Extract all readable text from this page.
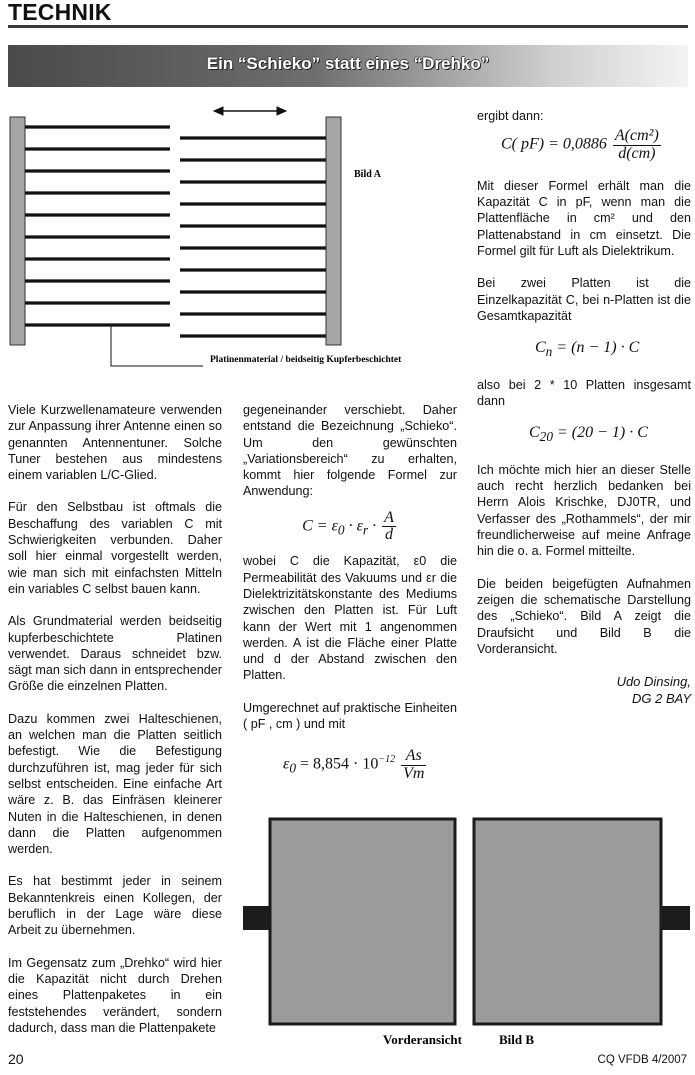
TECHNIK
Ein “Schieko” statt eines “Drehko”
Bild A
Platinenmaterial / beidseitig Kupferbeschichtet

Viele Kurzwellenamateure verwenden zur Anpassung ihrer Antenne einen so genannten Antennentuner. Solche Tuner bestehen aus mindestens einem variablen L/C-Glied.

Für den Selbstbau ist oftmals die Beschaffung des variablen C mit Schwierigkeiten verbunden. Daher soll hier einmal vorgestellt werden, wie man sich mit einfachsten Mitteln ein variables C selbst bauen kann.

Als Grundmaterial werden beidseitig kupferbeschichtete Platinen verwendet. Daraus schneidet bzw. sägt man sich dann in entsprechender Größe die einzelnen Platten.

Dazu kommen zwei Halteschienen, an welchen man die Platten seitlich befestigt. Wie die Befestigung durchzuführen ist, mag jeder für sich selbst entscheiden. Eine einfache Art wäre z. B. das Einfräsen kleinerer Nuten in die Halteschienen, in denen dann die Platten aufgenommen werden.

Es hat bestimmt jeder in seinem Bekanntenkreis einen Kollegen, der beruflich in der Lage wäre diese Arbeit zu übernehmen.

Im Gegensatz zum „Drehko“ wird hier die Kapazität nicht durch Drehen eines Plattenpaketes in ein feststehendes verändert, sondern dadurch, dass man die Plattenpakete

gegeneinander verschiebt. Daher entstand die Bezeichnung „Schieko“. Um den gewünschten „Variationsbereich“ zu erhalten, kommt hier folgende Formel zur Anwendung:

$C = \varepsilon_0 \cdot \varepsilon_r \cdot \frac{A}{d}$

wobei C die Kapazität, ε0 die Permeabilität des Vakuums und εr die Dielektrizitätskonstante des Mediums zwischen den Platten ist. Für Luft kann der Wert mit 1 angenommen werden. A ist die Fläche einer Platte und d der Abstand zwischen den Platten.

Umgerechnet auf praktische Einheiten ( pF , cm ) und mit

$\varepsilon_0 = 8,854 \cdot 10^{-12} \frac{As}{Vm}$

ergibt dann:

C( $pF) = 0,0886 \frac{\text{A(cm²)}}{d(cm)}$

Mit dieser Formel erhält man die Kapazität C in pF, wenn man die Plattenfläche in cm² und den Plattenabstand in cm einsetzt. Die Formel gilt für Luft als Dielektrikum.

Bei zwei Platten ist die Einzelkapazität C, bei n-Platten ist die Gesamtkapazität

$C_n = (n - 1) \cdot C$

also bei 2 * 10 Platten insgesamt dann

$C_{20} = (20 - 1) \cdot C$

Ich möchte mich hier an dieser Stelle auch recht herzlich bedanken bei Herrn Alois Krischke, DJ0TR, und Verfasser des „Rothammels“, der mir freundlicherweise auf meine Anfrage hin die o. a. Formel mitteilte.

Die beiden beigefügten Aufnahmen zeigen die schematische Darstellung des „Schieko“. Bild A zeigt die Draufsicht und Bild B die Vorderansicht.

Udo Dinsing,
DG 2 BAY
Vorderansicht	Bild B
20	CQ VFDB 4/2007
